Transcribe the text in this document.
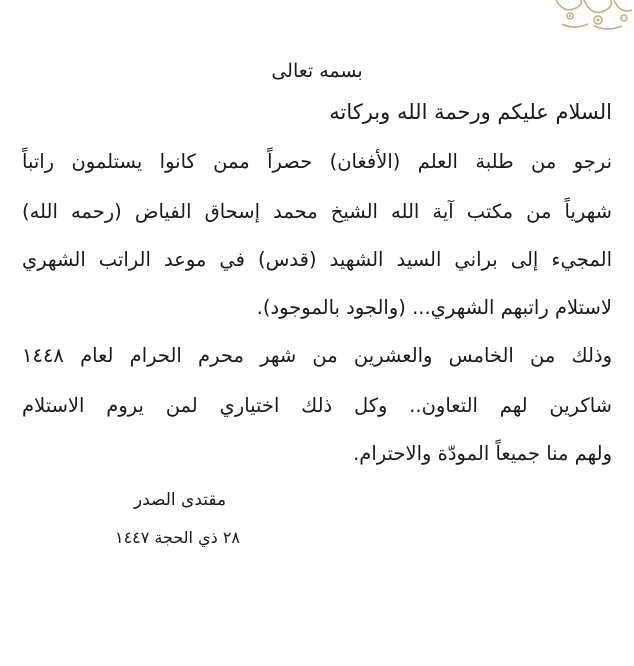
بسمه تعالى

السلام عليكم ورحمة الله وبركاته

نرجو من طلبة العلم (الأفغان) حصراً ممن كانوا يستلمون راتباً

شهرياً من مكتب آية الله الشيخ محمد إسحاق الفياض (رحمه الله)

المجيء إلى براني السيد الشهيد (قدس) في موعد الراتب الشهري

لاستلام راتبهم الشهري... (والجود بالموجود).

وذلك من الخامس والعشرين من شهر محرم الحرام لعام ١٤٤٨

شاكرين لهم التعاون.. وكل ذلك اختياري لمن يروم الاستلام

ولهم منا جميعاً المودّة والاحترام.

مقتدى الصدر

٢٨ ذي الحجة ١٤٤٧
